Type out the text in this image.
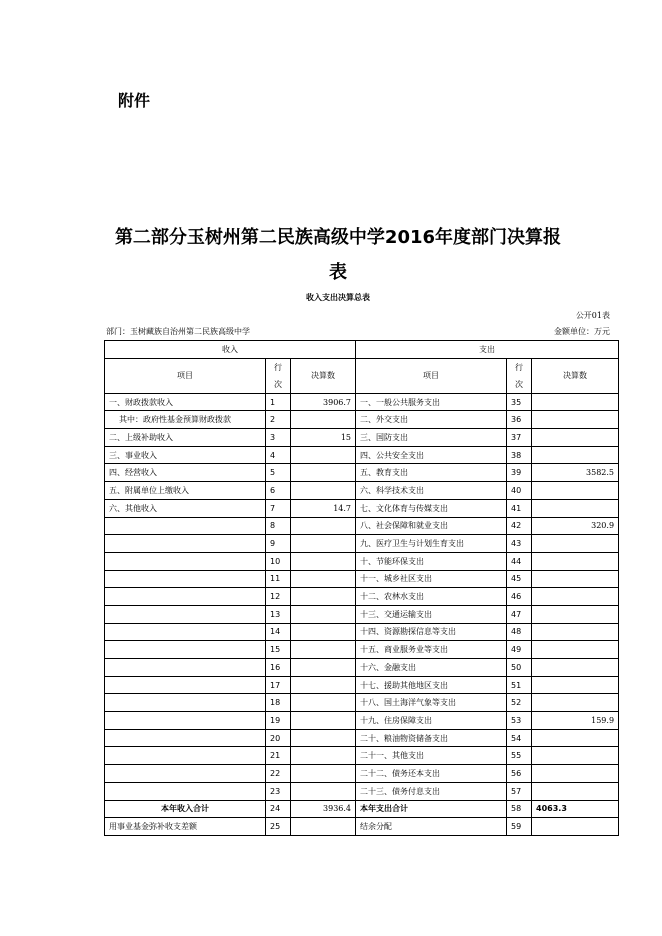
附件
第二部分玉树州第二民族高级中学2016年度部门决算报
表
收入支出决算总表
公开01表
部门：玉树藏族自治州第二民族高级中学	金额单位：万元
收入			支出		
项目	行
次	决算数	项目	行
次	决算数
一、财政拨款收入	1	3906.7	一、一般公共服务支出	35	
其中：政府性基金预算财政拨款	2		二、外交支出	36	
二、上级补助收入	3	15	三、国防支出	37	
三、事业收入	4		四、公共安全支出	38	
四、经营收入	5		五、教育支出	39	3582.5
五、附属单位上缴收入	6		六、科学技术支出	40	
六、其他收入	7	14.7	七、文化体育与传媒支出	41	
	8		八、社会保障和就业支出	42	320.9
	9		九、医疗卫生与计划生育支出	43	
	10		十、节能环保支出	44	
	11		十一、城乡社区支出	45	
	12		十二、农林水支出	46	
	13		十三、交通运输支出	47	
	14		十四、资源勘探信息等支出	48	
	15		十五、商业服务业等支出	49	
	16		十六、金融支出	50	
	17		十七、援助其他地区支出	51	
	18		十八、国土海洋气象等支出	52	
	19		十九、住房保障支出	53	159.9
	20		二十、粮油物资储备支出	54	
	21		二十一、其他支出	55	
	22		二十二、债务还本支出	56	
	23		二十三、债务付息支出	57	
本年收入合计	24	3936.4	本年支出合计	58	4063.3
用事业基金弥补收支差额	25		结余分配	59	
